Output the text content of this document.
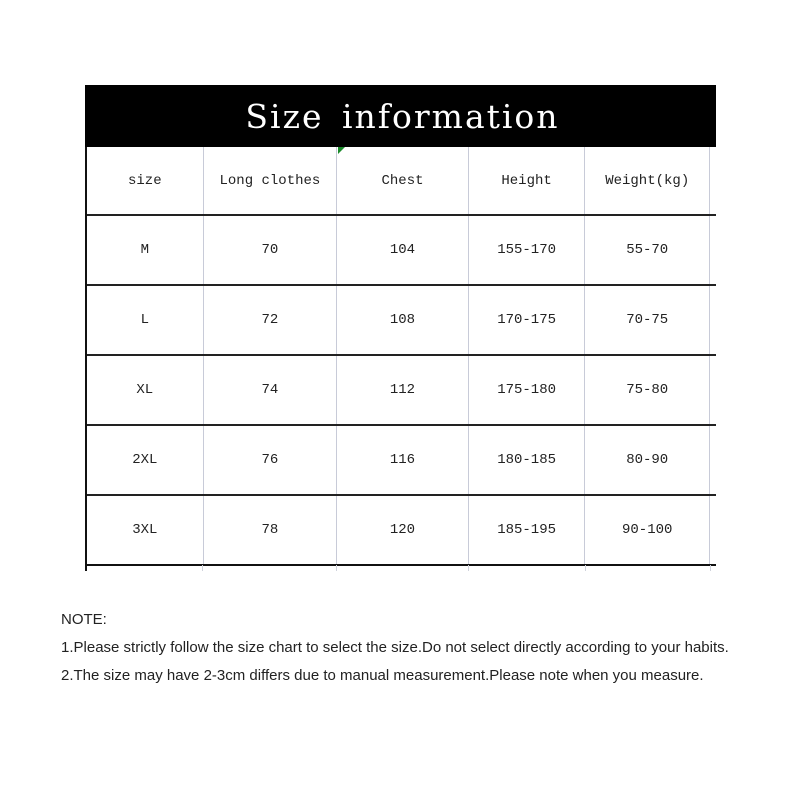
Size information
size	Long clothes	Chest	Height	Weight(kg)
M	70	104	155-170	55-70
L	72	108	170-175	70-75
XL	74	112	175-180	75-80
2XL	76	116	180-185	80-90
3XL	78	120	185-195	90-100
NOTE:
1.Please strictly follow the size chart to select the size.Do not select directly according to your habits.
2.The size may have 2-3cm differs due to manual measurement.Please note when you measure.
